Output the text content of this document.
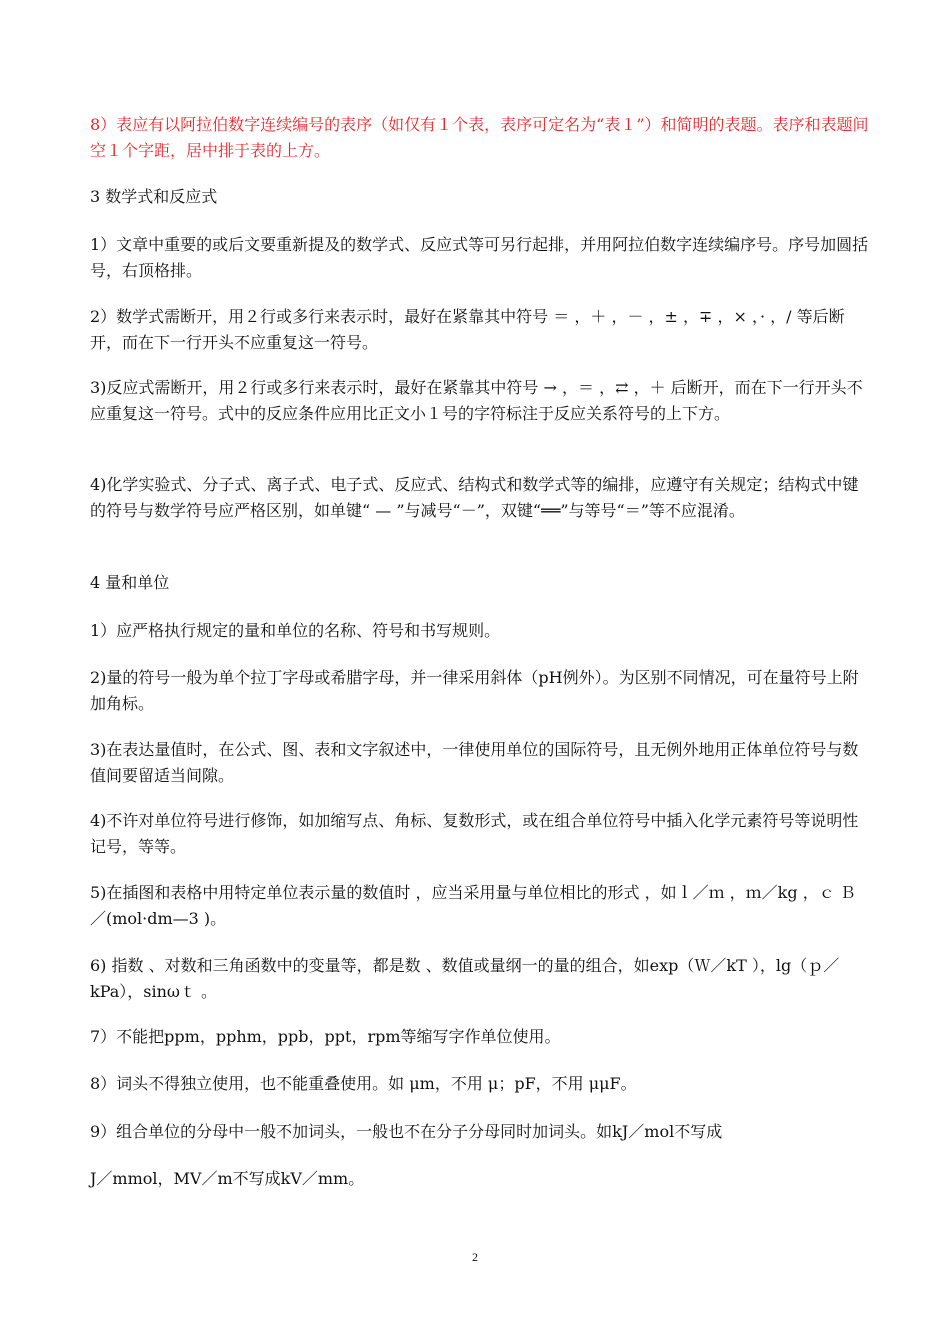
8）表应有以阿拉伯数字连续编号的表序（如仅有１个表，表序可定名为“表１”）和简明的表题。表序和表题间空１个字距，居中排于表的上方。

3 数学式和反应式

1）文章中重要的或后文要重新提及的数学式、反应式等可另行起排，并用阿拉伯数字连续编序号。序号加圆括号，右顶格排。

2）数学式需断开，用２行或多行来表示时，最好在紧靠其中符号 ＝ ，＋ ，－ ，± ，∓ ，× ，· ，/ 等后断开，而在下一行开头不应重复这一符号。

3)反应式需断开，用２行或多行来表示时，最好在紧靠其中符号 → ，＝ ，⇄ ，＋ 后断开，而在下一行开头不应重复这一符号。式中的反应条件应用比正文小１号的字符标注于反应关系符号的上下方。

4)化学实验式、分子式、离子式、电子式、反应式、结构式和数学式等的编排，应遵守有关规定；结构式中键的符号与数学符号应严格区别，如单键“ — ”与减号“－”，双键“══”与等号“＝”等不应混淆。

4 量和单位

1）应严格执行规定的量和单位的名称、符号和书写规则。

2)量的符号一般为单个拉丁字母或希腊字母，并一律采用斜体（pH例外）。为区别不同情况，可在量符号上附加角标。

3)在表达量值时，在公式、图、表和文字叙述中，一律使用单位的国际符号，且无例外地用正体单位符号与数值间要留适当间隙。

4)不许对单位符号进行修饰，如加缩写点、角标、复数形式，或在组合单位符号中插入化学元素符号等说明性记号，等等。

5)在插图和表格中用特定单位表示量的数值时 ，应当采用量与单位相比的形式 ，如ｌ／ｍ ，ｍ／kg ，ｃ Ｂ／(mol·dm—3 )。

6) 指数 、对数和三角函数中的变量等，都是数 、数值或量纲一的量的组合，如exp（Ｗ／kT ），lg（ｐ／kPa），sinωｔ 。

7）不能把ppm，pphm，ppb，ppt，rpm等缩写字作单位使用。

8）词头不得独立使用，也不能重叠使用。如 μm，不用 μ；pF，不用 μμF。

9）组合单位的分母中一般不加词头，一般也不在分子分母同时加词头。如kJ／mol不写成

J／mmol，MV／m不写成kV／mm。

2
